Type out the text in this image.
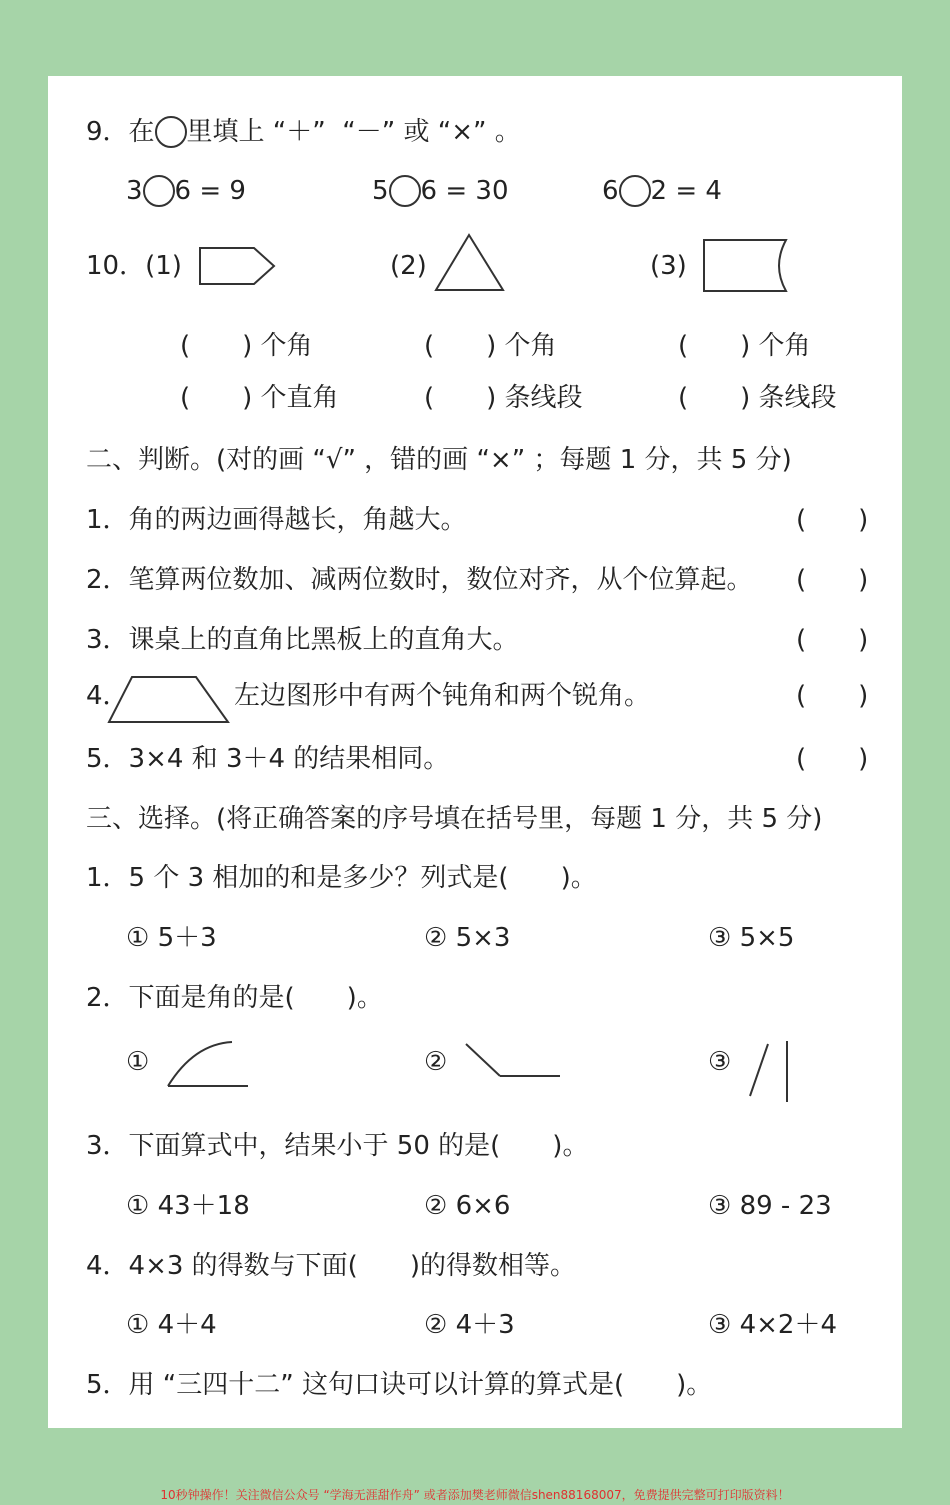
9．在 里填上 “＋”  “－” 或 “×” 。
3 6 = 9	5 6 = 30	6 2 = 4
10．(1)	(2)	(3)
(　　) 个角	(　　) 个角	(　　) 个角
(　　) 个直角	(　　) 条线段	(　　) 条线段
二、判断。(对的画 “√” ，错的画 “×” ；每题 1 分，共 5 分)
1．角的两边画得越长，角越大。	(　　)
2．笔算两位数加、减两位数时，数位对齐，从个位算起。 (　　)
3．课桌上的直角比黑板上的直角大。	(　　)
4．	左边图形中有两个钝角和两个锐角。	(　　)
5．3×4 和 3＋4 的结果相同。	(　　)
三、选择。(将正确答案的序号填在括号里，每题 1 分，共 5 分)
1．5 个 3 相加的和是多少？列式是(　　)。
① 5＋3	② 5×3	③ 5×5
2．下面是角的是(　　)。
①	②	③
3．下面算式中，结果小于 50 的是(　　)。
① 43＋18	② 6×6	③ 89 - 23
4．4×3 的得数与下面(　　)的得数相等。
① 4＋4	② 4＋3	③ 4×2＋4
5．用 “三四十二” 这句口诀可以计算的算式是(　　)。
10秒钟操作！关注微信公众号 “学海无涯甜作舟” 或者添加樊老师微信shen88168007，免费提供完整可打印版资料！
